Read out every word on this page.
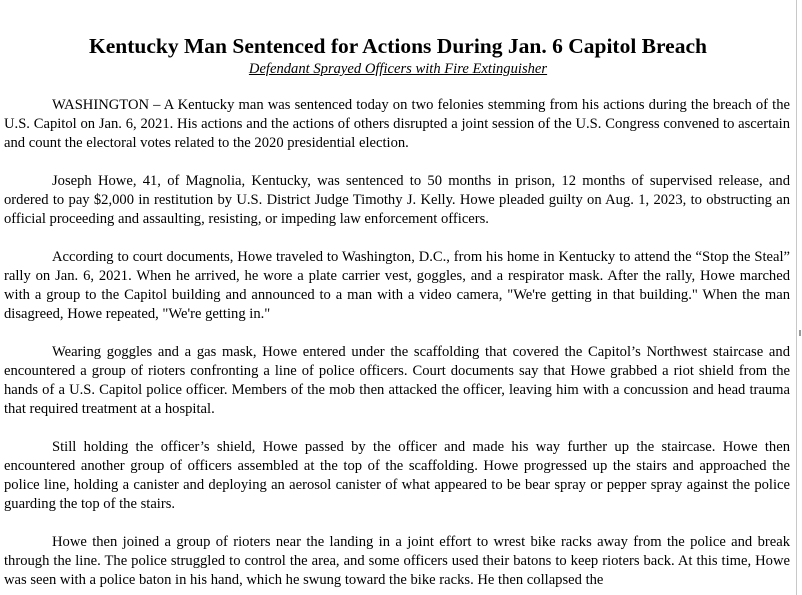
Kentucky Man Sentenced for Actions During Jan. 6 Capitol Breach
Defendant Sprayed Officers with Fire Extinguisher

WASHINGTON – A Kentucky man was sentenced today on two felonies stemming from his actions during the breach of the U.S. Capitol on Jan. 6, 2021. His actions and the actions of others disrupted a joint session of the U.S. Congress convened to ascertain and count the electoral votes related to the 2020 presidential election.

Joseph Howe, 41, of Magnolia, Kentucky, was sentenced to 50 months in prison, 12 months of supervised release, and ordered to pay $2,000 in restitution by U.S. District Judge Timothy J. Kelly. Howe pleaded guilty on Aug. 1, 2023, to obstructing an official proceeding and assaulting, resisting, or impeding law enforcement officers.

According to court documents, Howe traveled to Washington, D.C., from his home in Kentucky to attend the “Stop the Steal” rally on Jan. 6, 2021. When he arrived, he wore a plate carrier vest, goggles, and a respirator mask. After the rally, Howe marched with a group to the Capitol building and announced to a man with a video camera, "We're getting in that building." When the man disagreed, Howe repeated, "We're getting in."

Wearing goggles and a gas mask, Howe entered under the scaffolding that covered the Capitol’s Northwest staircase and encountered a group of rioters confronting a line of police officers. Court documents say that Howe grabbed a riot shield from the hands of a U.S. Capitol police officer. Members of the mob then attacked the officer, leaving him with a concussion and head trauma that required treatment at a hospital.

Still holding the officer’s shield, Howe passed by the officer and made his way further up the staircase. Howe then encountered another group of officers assembled at the top of the scaffolding. Howe progressed up the stairs and approached the police line, holding a canister and deploying an aerosol canister of what appeared to be bear spray or pepper spray against the police guarding the top of the stairs.

Howe then joined a group of rioters near the landing in a joint effort to wrest bike racks away from the police and break through the line. The police struggled to control the area, and some officers used their batons to keep rioters back. At this time, Howe was seen with a police baton in his hand, which he swung toward the bike racks. He then collapsed the
